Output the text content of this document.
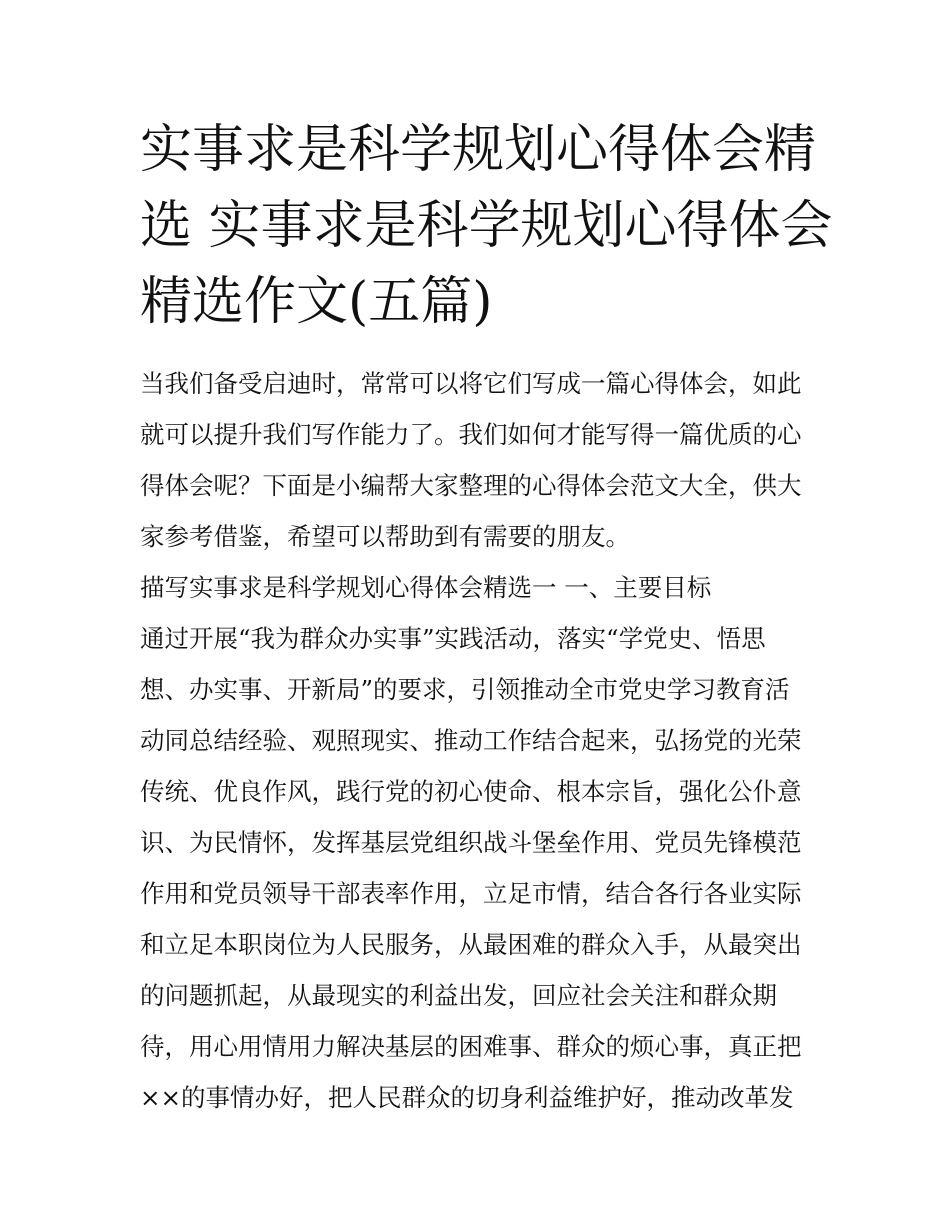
实事求是科学规划心得体会精
选 实事求是科学规划心得体会
精选作文(五篇)
当我们备受启迪时，常常可以将它们写成一篇心得体会，如此
就可以提升我们写作能力了。我们如何才能写得一篇优质的心
得体会呢？下面是小编帮大家整理的心得体会范文大全，供大
家参考借鉴，希望可以帮助到有需要的朋友。
描写实事求是科学规划心得体会精选一 一、主要目标
通过开展“我为群众办实事”实践活动，落实“学党史、悟思
想、办实事、开新局”的要求，引领推动全市党史学习教育活
动同总结经验、观照现实、推动工作结合起来，弘扬党的光荣
传统、优良作风，践行党的初心使命、根本宗旨，强化公仆意
识、为民情怀，发挥基层党组织战斗堡垒作用、党员先锋模范
作用和党员领导干部表率作用，立足市情，结合各行各业实际
和立足本职岗位为人民服务，从最困难的群众入手，从最突出
的问题抓起，从最现实的利益出发，回应社会关注和群众期
待，用心用情用力解决基层的困难事、群众的烦心事，真正把
××的事情办好，把人民群众的切身利益维护好，推动改革发
